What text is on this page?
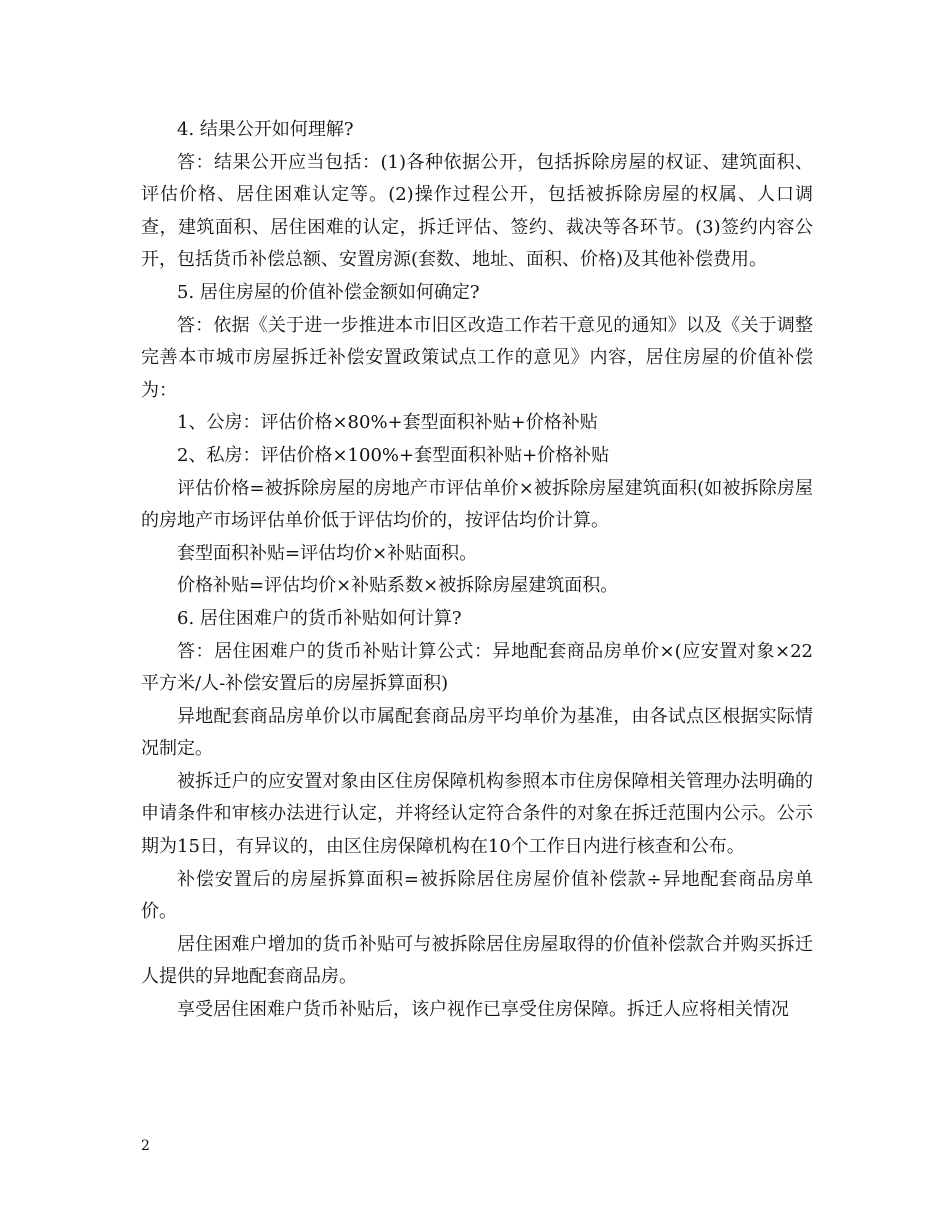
4. 结果公开如何理解?

答：结果公开应当包括：(1)各种依据公开，包括拆除房屋的权证、建筑面积、评估价格、居住困难认定等。(2)操作过程公开，包括被拆除房屋的权属、人口调查，建筑面积、居住困难的认定，拆迁评估、签约、裁决等各环节。(3)签约内容公开，包括货币补偿总额、安置房源(套数、地址、面积、价格)及其他补偿费用。

5. 居住房屋的价值补偿金额如何确定?

答：依据《关于进一步推进本市旧区改造工作若干意见的通知》以及《关于调整完善本市城市房屋拆迁补偿安置政策试点工作的意见》内容，居住房屋的价值补偿为：

1、公房：评估价格×80%+套型面积补贴+价格补贴

2、私房：评估价格×100%+套型面积补贴+价格补贴

评估价格=被拆除房屋的房地产市评估单价×被拆除房屋建筑面积(如被拆除房屋的房地产市场评估单价低于评估均价的，按评估均价计算。

套型面积补贴=评估均价×补贴面积。

价格补贴=评估均价×补贴系数×被拆除房屋建筑面积。

6. 居住困难户的货币补贴如何计算?

答：居住困难户的货币补贴计算公式：异地配套商品房单价×(应安置对象×22平方米/人-补偿安置后的房屋拆算面积)

异地配套商品房单价以市属配套商品房平均单价为基准，由各试点区根据实际情况制定。

被拆迁户的应安置对象由区住房保障机构参照本市住房保障相关管理办法明确的申请条件和审核办法进行认定，并将经认定符合条件的对象在拆迁范围内公示。公示期为15日，有异议的，由区住房保障机构在10个工作日内进行核查和公布。

补偿安置后的房屋拆算面积=被拆除居住房屋价值补偿款÷异地配套商品房单价。

居住困难户增加的货币补贴可与被拆除居住房屋取得的价值补偿款合并购买拆迁人提供的异地配套商品房。

享受居住困难户货币补贴后，该户视作已享受住房保障。拆迁人应将相关情况

2
